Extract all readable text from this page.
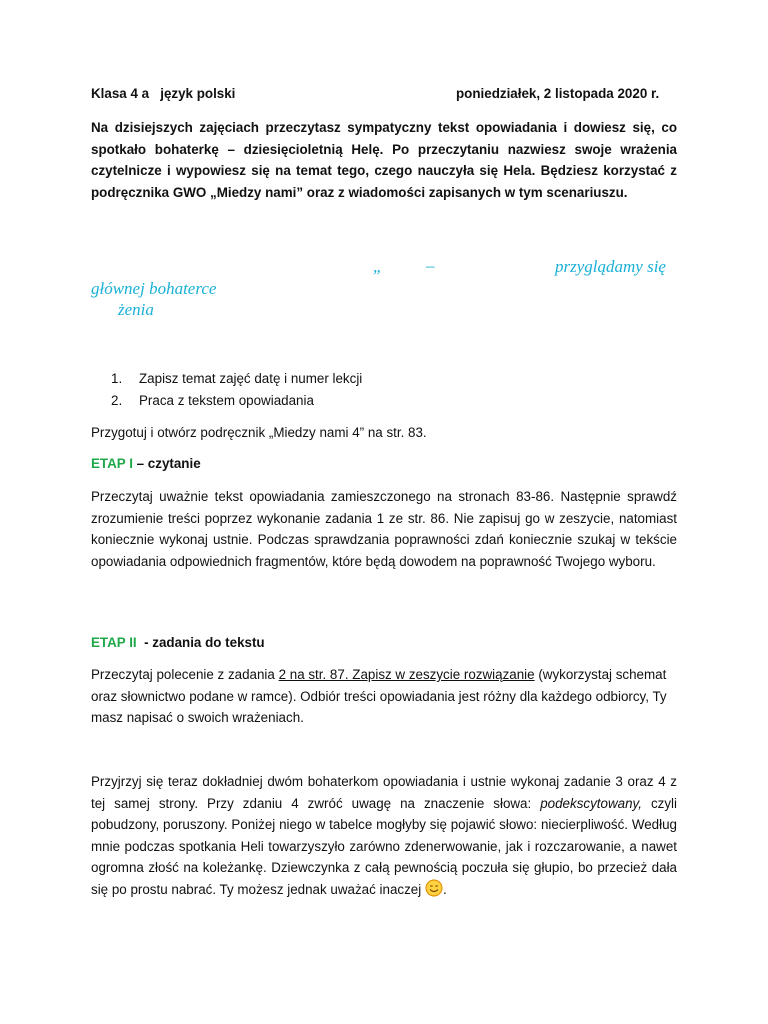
Klasa 4 a   język polski	poniedziałek, 2 listopada 2020 r.
Na dzisiejszych zajęciach przeczytasz sympatyczny tekst opowiadania i dowiesz się, co spotkało bohaterkę – dziesięcioletnią Helę. Po przeczytaniu nazwiesz swoje wrażenia czytelnicze i wypowiesz się na temat tego, czego nauczyła się Hela. Będziesz korzystać z podręcznika GWO „Miedzy nami” oraz z wiadomości zapisanych w tym scenariuszu.
„	–	przyglądamy się
głównej bohaterce
żenia
1.	Zapisz temat zajęć datę i numer lekcji
2.	Praca z tekstem opowiadania
Przygotuj i otwórz podręcznik „Miedzy nami 4” na str. 83.
ETAP I – czytanie
Przeczytaj uważnie tekst opowiadania zamieszczonego na stronach 83-86. Następnie sprawdź zrozumienie treści poprzez wykonanie zadania 1 ze str. 86. Nie zapisuj go w zeszycie, natomiast koniecznie wykonaj ustnie. Podczas sprawdzania poprawności zdań koniecznie szukaj w tekście opowiadania odpowiednich fragmentów, które będą dowodem na poprawność Twojego wyboru.
ETAP II  - zadania do tekstu
Przeczytaj polecenie z zadania 2 na str. 87. Zapisz w zeszycie rozwiązanie (wykorzystaj schemat oraz słownictwo podane w ramce). Odbiór treści opowiadania jest różny dla każdego odbiorcy, Ty masz napisać o swoich wrażeniach.
Przyjrzyj się teraz dokładniej dwóm bohaterkom opowiadania i ustnie wykonaj zadanie 3 oraz 4 z tej samej strony. Przy zdaniu 4 zwróć uwagę na znaczenie słowa: podekscytowany, czyli pobudzony, poruszony. Poniżej niego w tabelce mogłyby się pojawić słowo: niecierpliwość. Według mnie podczas spotkania Heli towarzyszyło zarówno zdenerwowanie, jak i rozczarowanie, a nawet ogromna złość na koleżankę. Dziewczynka z całą pewnością poczuła się głupio, bo przecież dała się po prostu nabrać. Ty możesz jednak uważać inaczej .
